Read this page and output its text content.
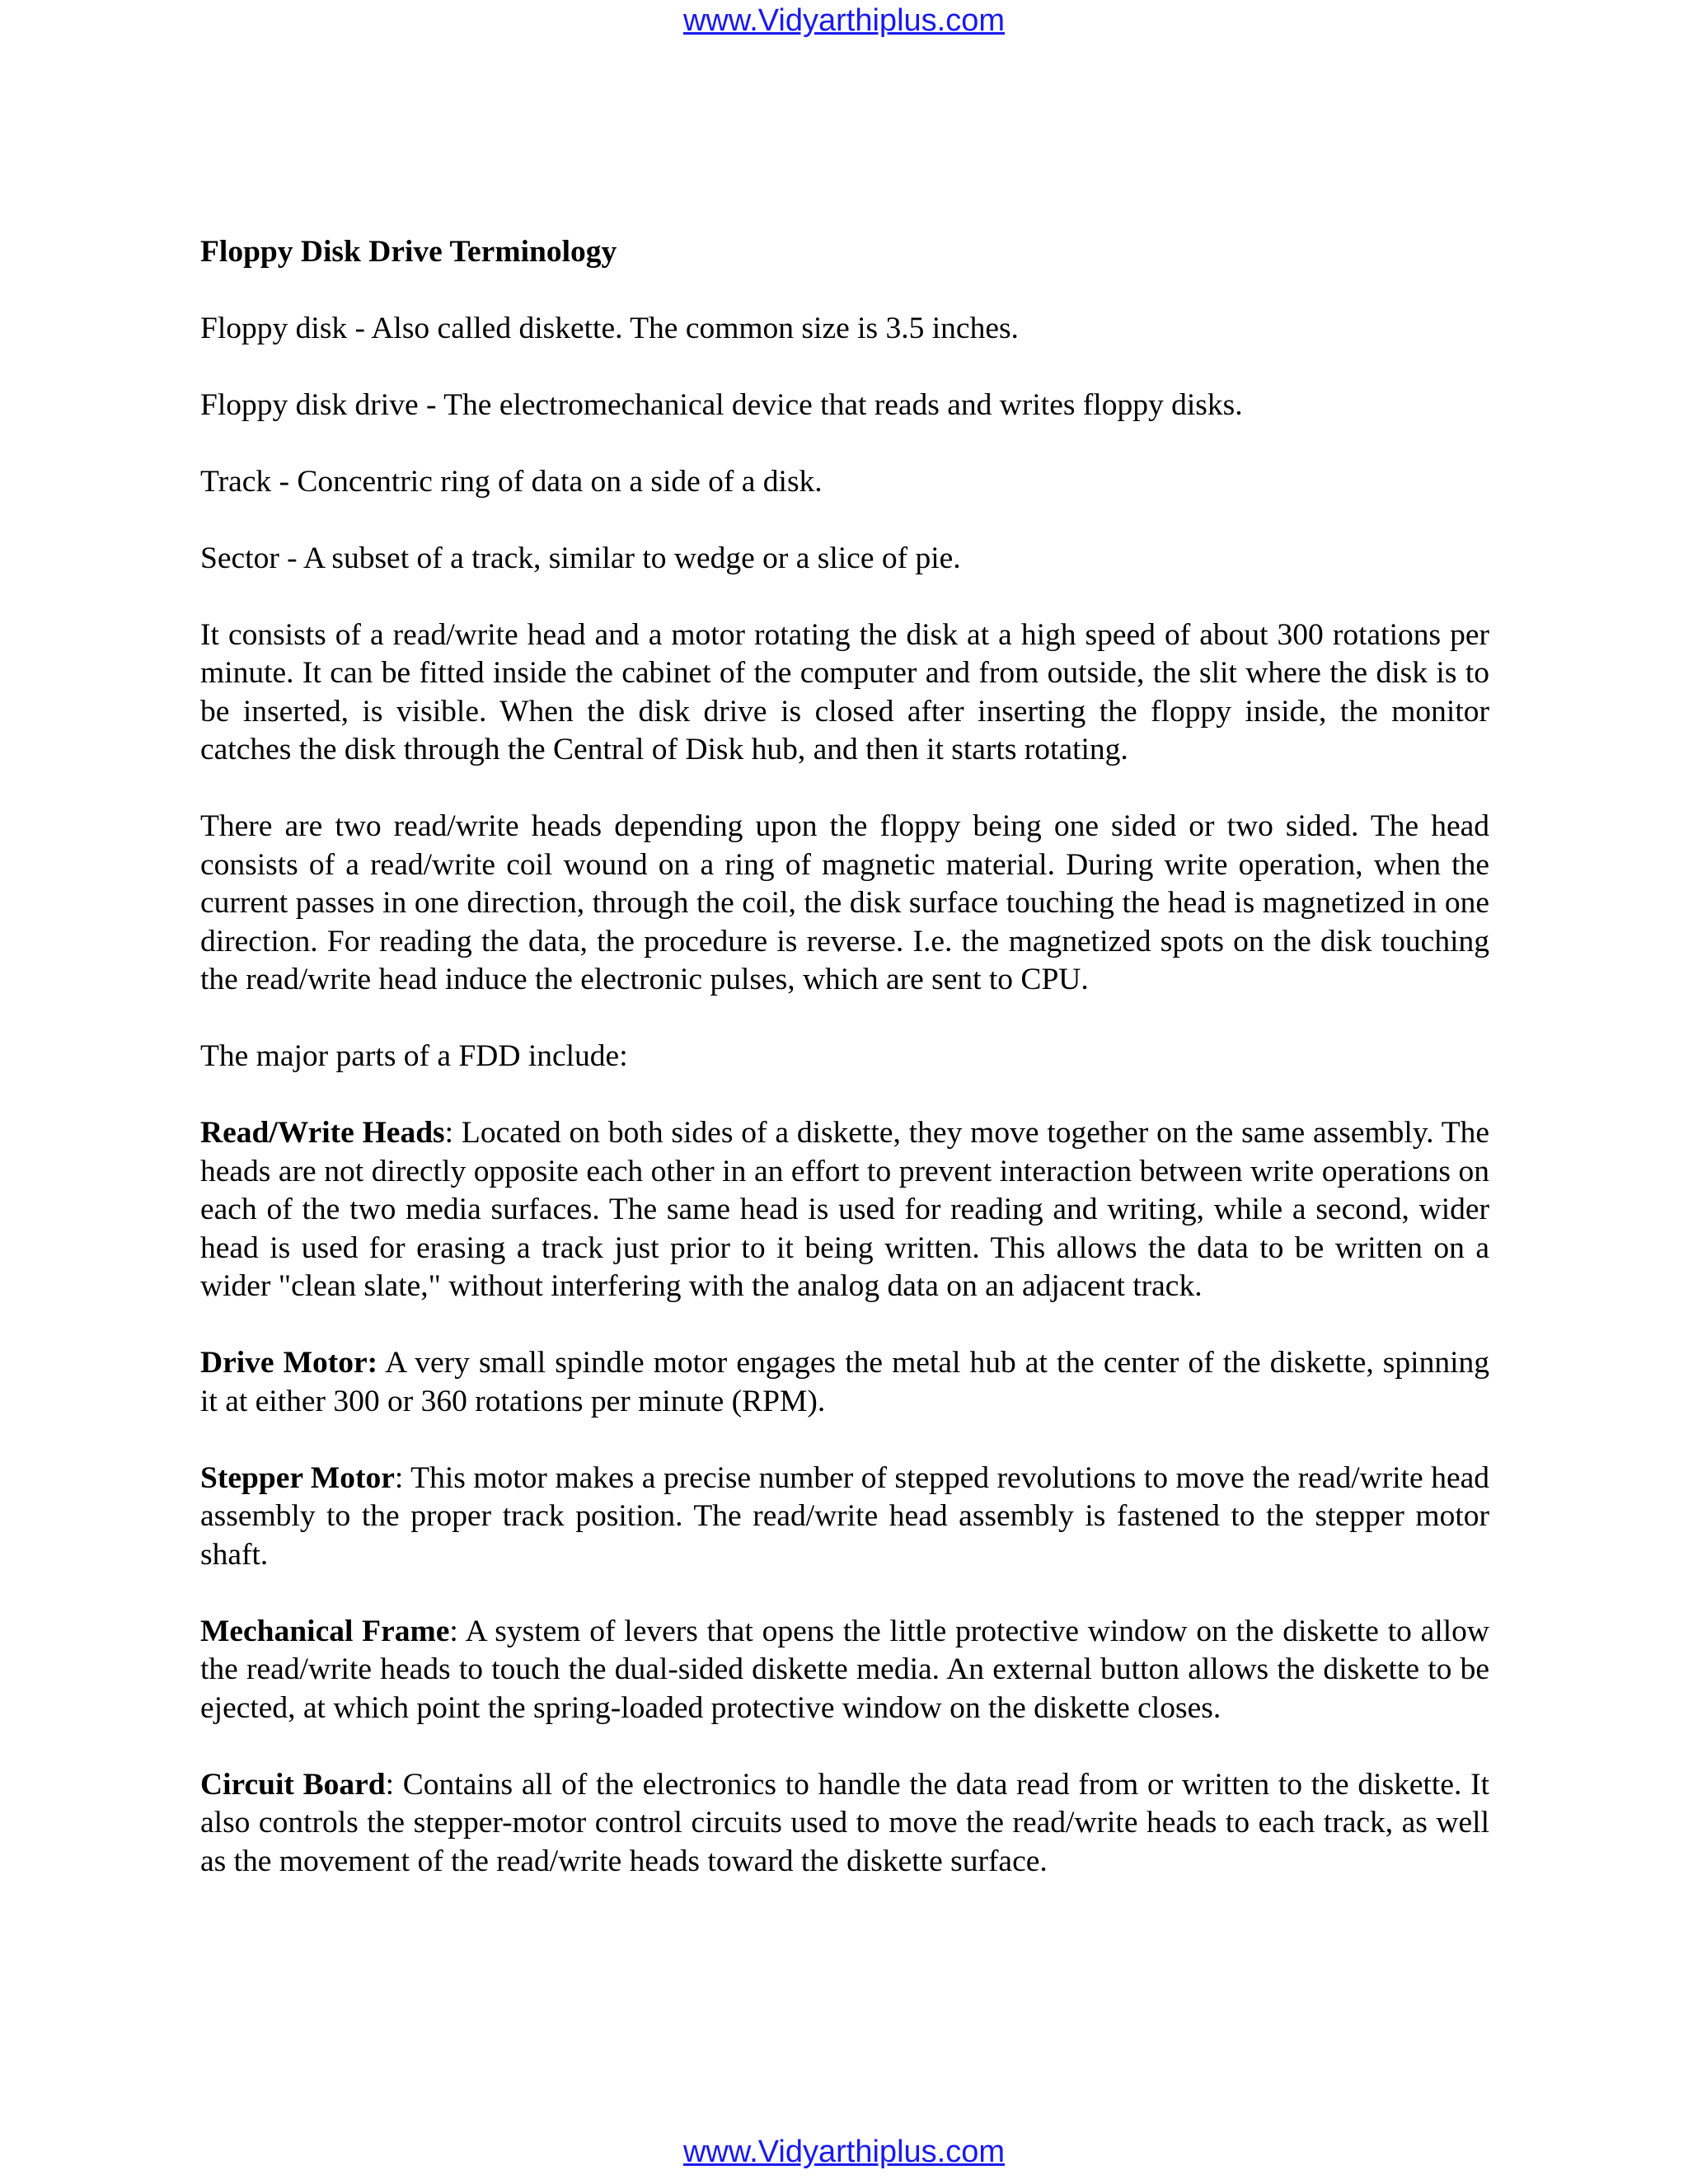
www.Vidyarthiplus.com

Floppy Disk Drive Terminology

Floppy disk - Also called diskette. The common size is 3.5 inches.

Floppy disk drive - The electromechanical device that reads and writes floppy disks.

Track - Concentric ring of data on a side of a disk.

Sector - A subset of a track, similar to wedge or a slice of pie.

It consists of a read/write head and a motor rotating the disk at a high speed of about 300 rotations per minute. It can be fitted inside the cabinet of the computer and from outside, the slit where the disk is to be inserted, is visible. When the disk drive is closed after inserting the floppy inside, the monitor catches the disk through the Central of Disk hub, and then it starts rotating.

There are two read/write heads depending upon the floppy being one sided or two sided. The head consists of a read/write coil wound on a ring of magnetic material. During write operation, when the current passes in one direction, through the coil, the disk surface touching the head is magnetized in one direction. For reading the data, the procedure is reverse. I.e. the magnetized spots on the disk touching the read/write head induce the electronic pulses, which are sent to CPU.

The major parts of a FDD include:

Read/Write Heads: Located on both sides of a diskette, they move together on the same assembly. The heads are not directly opposite each other in an effort to prevent interaction between write operations on each of the two media surfaces. The same head is used for reading and writing, while a second, wider head is used for erasing a track just prior to it being written. This allows the data to be written on a wider "clean slate," without interfering with the analog data on an adjacent track.

Drive Motor: A very small spindle motor engages the metal hub at the center of the diskette, spinning it at either 300 or 360 rotations per minute (RPM).

Stepper Motor: This motor makes a precise number of stepped revolutions to move the read/write head assembly to the proper track position. The read/write head assembly is fastened to the stepper motor shaft.

Mechanical Frame: A system of levers that opens the little protective window on the diskette to allow the read/write heads to touch the dual-sided diskette media. An external button allows the diskette to be ejected, at which point the spring-loaded protective window on the diskette closes.

Circuit Board: Contains all of the electronics to handle the data read from or written to the diskette. It also controls the stepper-motor control circuits used to move the read/write heads to each track, as well as the movement of the read/write heads toward the diskette surface.

www.Vidyarthiplus.com
